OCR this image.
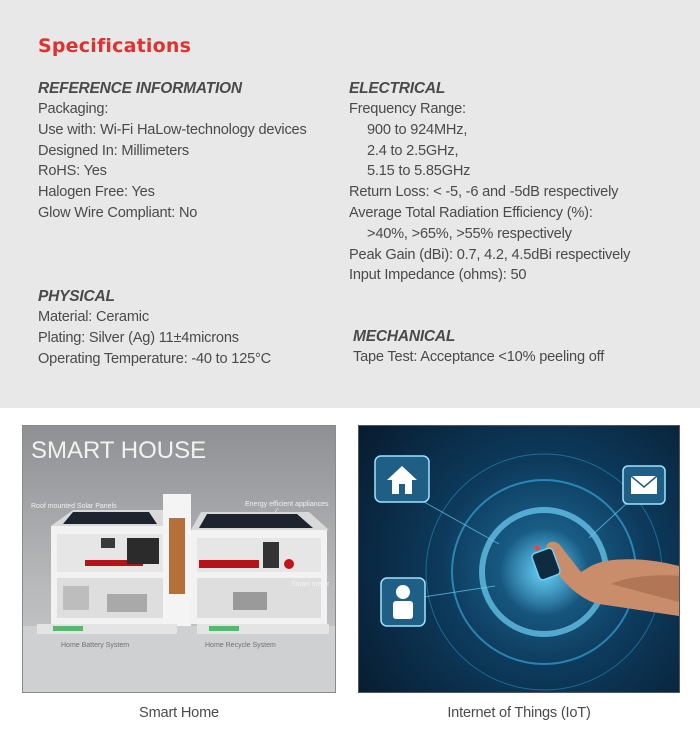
Specifications
REFERENCE INFORMATION
Packaging:
Use with: Wi-Fi HaLow-technology devices
Designed In: Millimeters
RoHS: Yes
Halogen Free: Yes
Glow Wire Compliant: No
PHYSICAL
Material: Ceramic
Plating: Silver (Ag) 11±4microns
Operating Temperature: -40 to 125°C
ELECTRICAL
Frequency Range:
900 to 924MHz,
2.4 to 2.5GHz,
5.15 to 5.85GHz
Return Loss: < -5, -6 and -5dB respectively
Average Total Radiation Efficiency (%):
>40%, >65%, >55% respectively
Peak Gain (dBi): 0.7, 4.2, 4.5dBi respectively
Input Impedance (ohms): 50
MECHANICAL
Tape Test: Acceptance <10% peeling off
SMART HOUSE
Roof mounted Solar Panels	Energy efficient appliances
Smart meter
Home Battery System	Home Recycle System
Smart Home	Internet of Things (IoT)
